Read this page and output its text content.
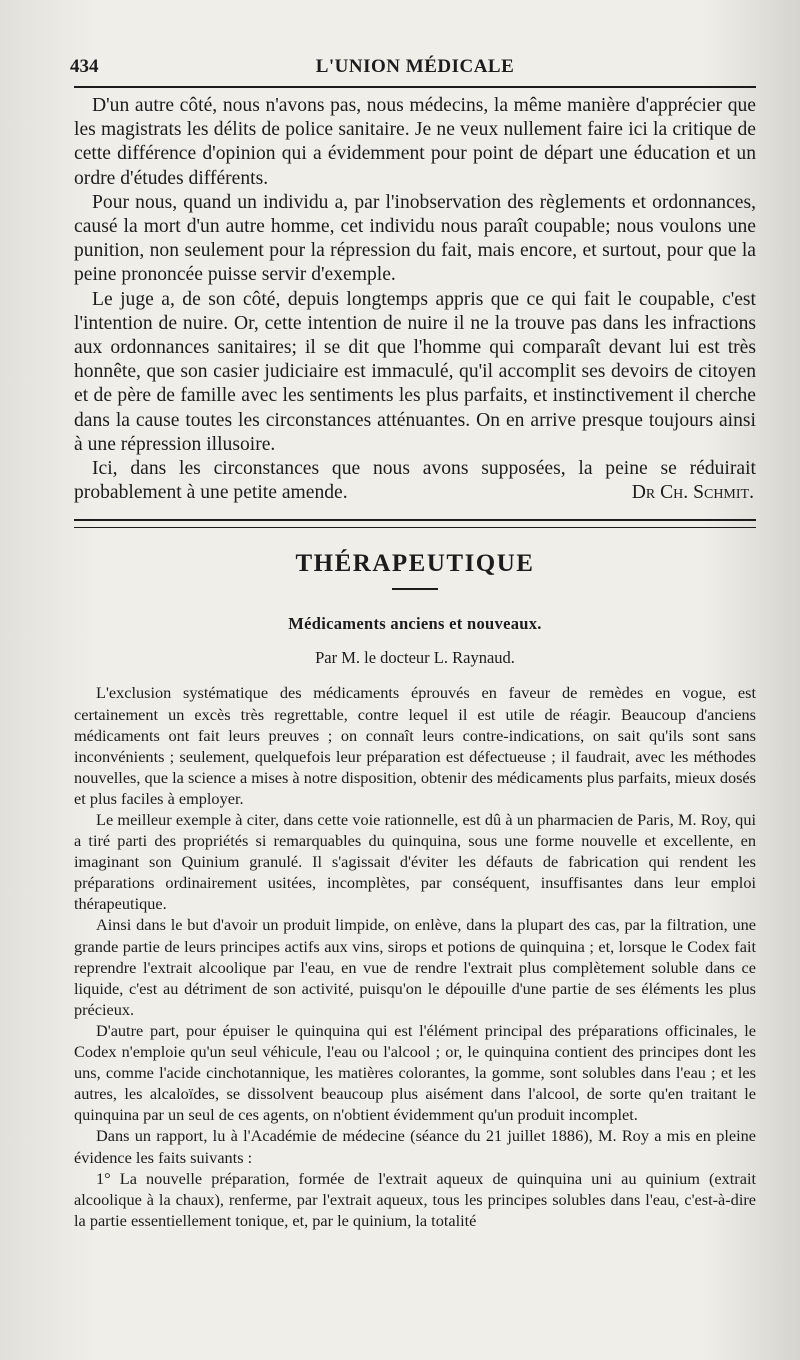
434	L'UNION MÉDICALE

D'un autre côté, nous n'avons pas, nous médecins, la même manière d'apprécier que les magistrats les délits de police sanitaire. Je ne veux nullement faire ici la critique de cette différence d'opinion qui a évidemment pour point de départ une éducation et un ordre d'études différents.

Pour nous, quand un individu a, par l'inobservation des règlements et ordonnances, causé la mort d'un autre homme, cet individu nous paraît coupable; nous voulons une punition, non seulement pour la répression du fait, mais encore, et surtout, pour que la peine prononcée puisse servir d'exemple.

Le juge a, de son côté, depuis longtemps appris que ce qui fait le coupable, c'est l'intention de nuire. Or, cette intention de nuire il ne la trouve pas dans les infractions aux ordonnances sanitaires; il se dit que l'homme qui comparaît devant lui est très honnête, que son casier judiciaire est immaculé, qu'il accomplit ses devoirs de citoyen et de père de famille avec les sentiments les plus parfaits, et instinctivement il cherche dans la cause toutes les circonstances atténuantes. On en arrive presque toujours ainsi à une répression illusoire.

Ici, dans les circonstances que nous avons supposées, la peine se réduirait probablement à une petite amende.	Dr Ch. Schmit.

THÉRAPEUTIQUE
Médicaments anciens et nouveaux.
Par M. le docteur L. Raynaud.

L'exclusion systématique des médicaments éprouvés en faveur de remèdes en vogue, est certainement un excès très regrettable, contre lequel il est utile de réagir. Beaucoup d'anciens médicaments ont fait leurs preuves ; on connaît leurs contre-indications, on sait qu'ils sont sans inconvénients ; seulement, quelquefois leur préparation est défectueuse ; il faudrait, avec les méthodes nouvelles, que la science a mises à notre disposition, obtenir des médicaments plus parfaits, mieux dosés et plus faciles à employer.

Le meilleur exemple à citer, dans cette voie rationnelle, est dû à un pharmacien de Paris, M. Roy, qui a tiré parti des propriétés si remarquables du quinquina, sous une forme nouvelle et excellente, en imaginant son Quinium granulé. Il s'agissait d'éviter les défauts de fabrication qui rendent les préparations ordinairement usitées, incomplètes, par conséquent, insuffisantes dans leur emploi thérapeutique.

Ainsi dans le but d'avoir un produit limpide, on enlève, dans la plupart des cas, par la filtration, une grande partie de leurs principes actifs aux vins, sirops et potions de quinquina ; et, lorsque le Codex fait reprendre l'extrait alcoolique par l'eau, en vue de rendre l'extrait plus complètement soluble dans ce liquide, c'est au détriment de son activité, puisqu'on le dépouille d'une partie de ses éléments les plus précieux.

D'autre part, pour épuiser le quinquina qui est l'élément principal des préparations officinales, le Codex n'emploie qu'un seul véhicule, l'eau ou l'alcool ; or, le quinquina contient des principes dont les uns, comme l'acide cinchotannique, les matières colorantes, la gomme, sont solubles dans l'eau ; et les autres, les alcaloïdes, se dissolvent beaucoup plus aisément dans l'alcool, de sorte qu'en traitant le quinquina par un seul de ces agents, on n'obtient évidemment qu'un produit incomplet.

Dans un rapport, lu à l'Académie de médecine (séance du 21 juillet 1886), M. Roy a mis en pleine évidence les faits suivants :

1° La nouvelle préparation, formée de l'extrait aqueux de quinquina uni au quinium (extrait alcoolique à la chaux), renferme, par l'extrait aqueux, tous les principes solubles dans l'eau, c'est-à-dire la partie essentiellement tonique, et, par le quinium, la totalité
